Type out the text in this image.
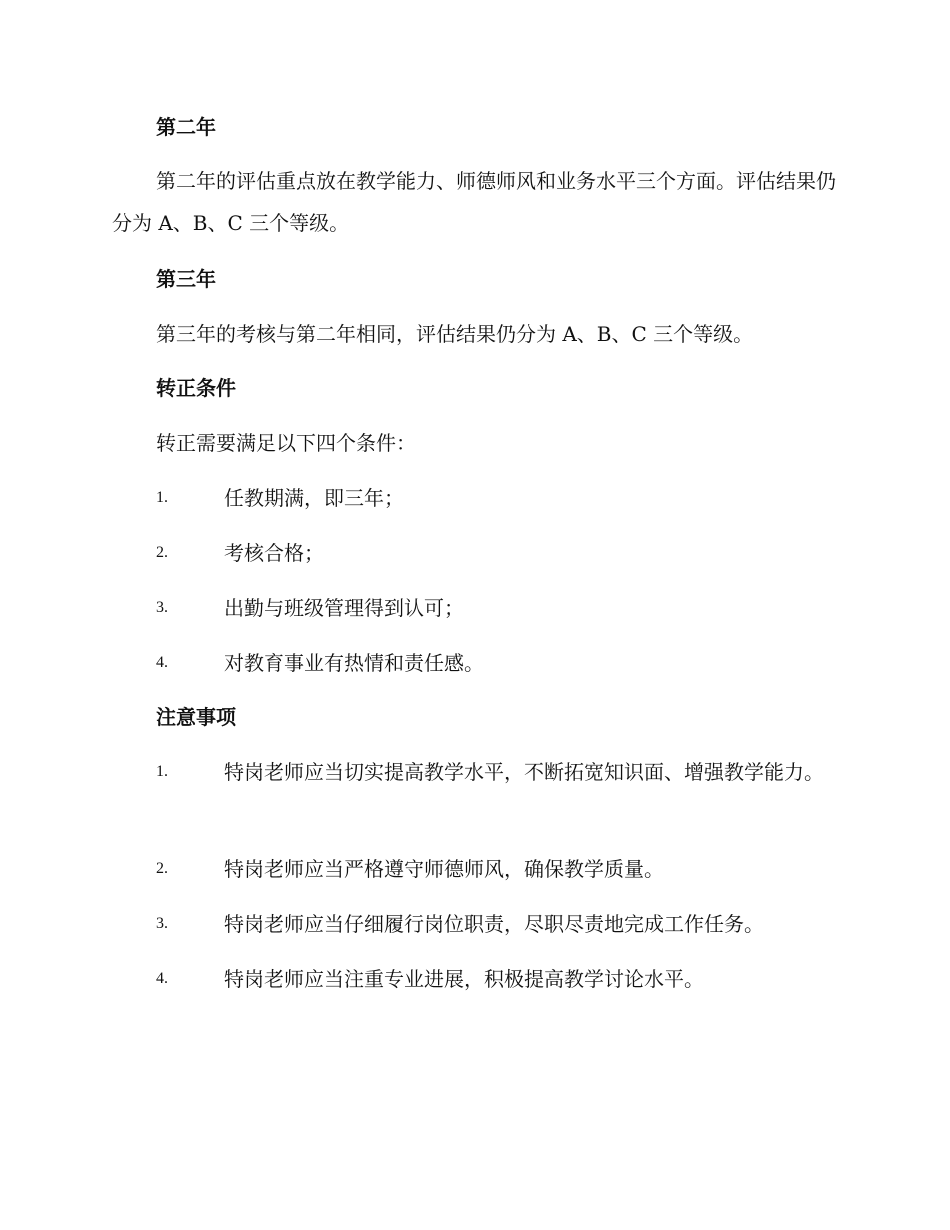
第二年

第二年的评估重点放在教学能力、师德师风和业务水平三个方面。评估结果仍分为 A、B、C 三个等级。

第三年

第三年的考核与第二年相同，评估结果仍分为 A、B、C 三个等级。

转正条件

转正需要满足以下四个条件：

1.	任教期满，即三年；
2.	考核合格；
3.	出勤与班级管理得到认可；
4.	对教育事业有热情和责任感。
注意事项
1.	特岗老师应当切实提高教学水平，不断拓宽知识面、增强教学能力。
2.	特岗老师应当严格遵守师德师风，确保教学质量。
3.	特岗老师应当仔细履行岗位职责，尽职尽责地完成工作任务。
4.	特岗老师应当注重专业进展，积极提高教学讨论水平。
